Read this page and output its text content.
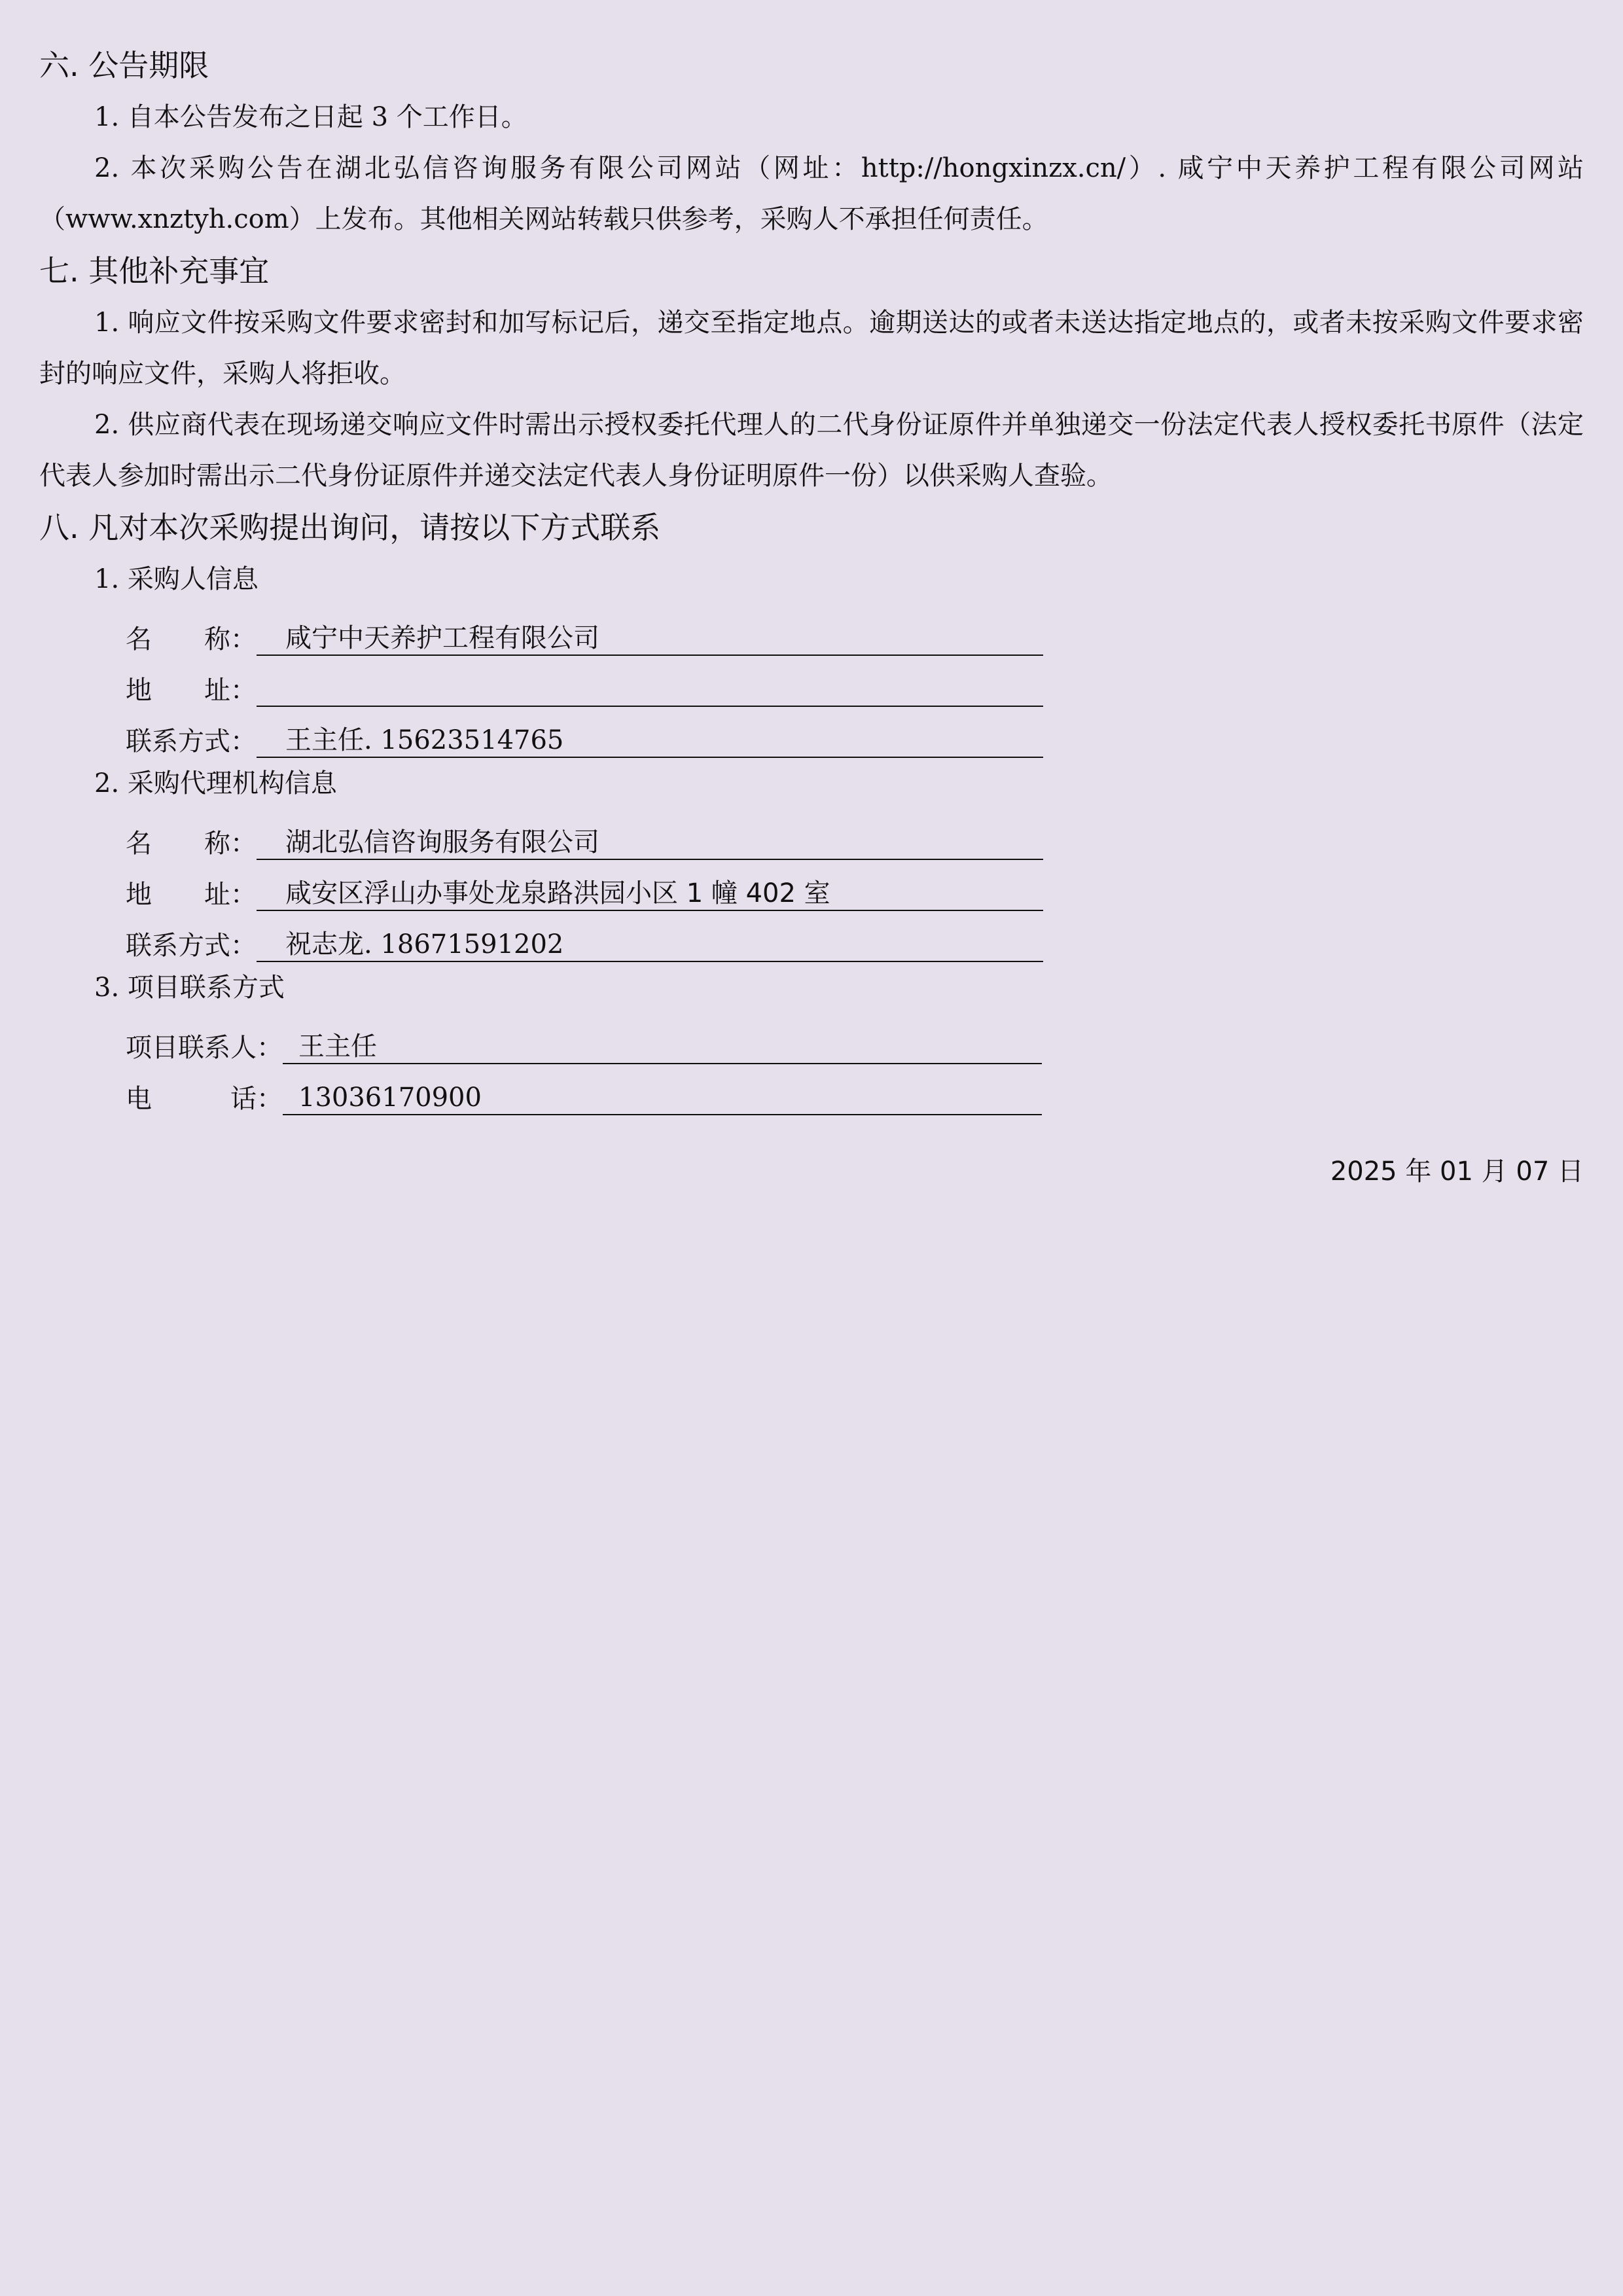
六. 公告期限

1. 自本公告发布之日起 3 个工作日。

2. 本次采购公告在湖北弘信咨询服务有限公司网站（网址：http://hongxinzx.cn/）. 咸宁中天养护工程有限公司网站（www.xnztyh.com）上发布。其他相关网站转载只供参考，采购人不承担任何责任。

七. 其他补充事宜

1. 响应文件按采购文件要求密封和加写标记后，递交至指定地点。逾期送达的或者未送达指定地点的，或者未按采购文件要求密封的响应文件，采购人将拒收。

2. 供应商代表在现场递交响应文件时需出示授权委托代理人的二代身份证原件并单独递交一份法定代表人授权委托书原件（法定代表人参加时需出示二代身份证原件并递交法定代表人身份证明原件一份）以供采购人查验。

八. 凡对本次采购提出询问，请按以下方式联系

1. 采购人信息

名　　称：	咸宁中天养护工程有限公司
地　　址：
联系方式：	王主任. 15623514765

2. 采购代理机构信息

名　　称：	湖北弘信咨询服务有限公司
地　　址：	咸安区浮山办事处龙泉路洪园小区 1 幢 402 室
联系方式：	祝志龙. 18671591202

3. 项目联系方式

项目联系人： 王主任
电　　　话： 13036170900
2025 年 01 月 07 日
